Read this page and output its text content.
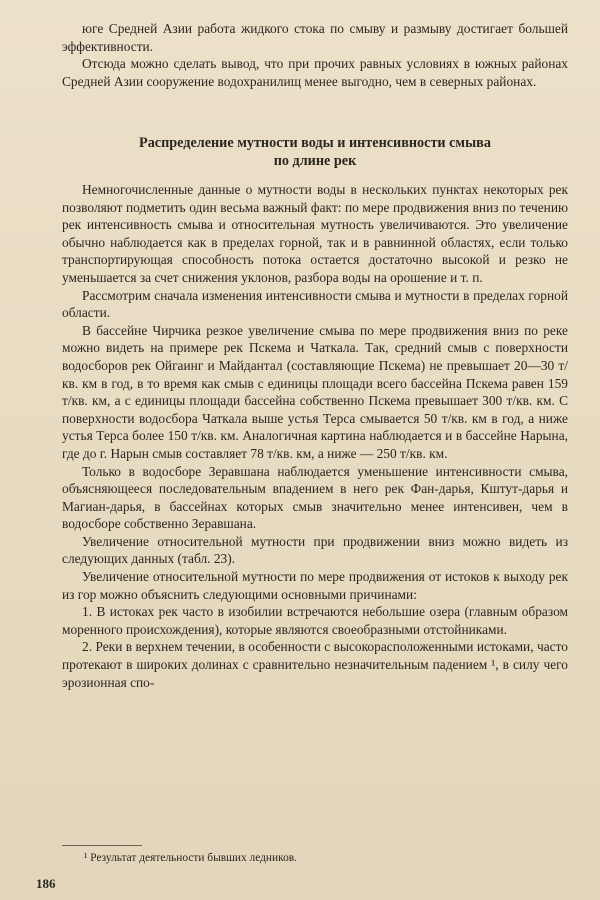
юге Средней Азии работа жидкого стока по смыву и размыву достигает большей эффективности.

Отсюда можно сделать вывод, что при прочих равных условиях в южных районах Средней Азии сооружение водохранилищ менее выгодно, чем в северных районах.

Распределение мутности воды и интенсивности смыва
по длине рек

Немногочисленные данные о мутности воды в нескольких пунктах некоторых рек позволяют подметить один весьма важный факт: по мере продвижения вниз по течению рек интенсивность смыва и относительная мутность увеличиваются. Это увеличение обычно наблюдается как в пределах горной, так и в равнинной областях, если только транспортирующая способность потока остается достаточно высокой и резко не уменьшается за счет снижения уклонов, разбора воды на орошение и т. п.

Рассмотрим сначала изменения интенсивности смыва и мутности в пределах горной области.

В бассейне Чирчика резкое увеличение смыва по мере продвижения вниз по реке можно видеть на примере рек Пскема и Чаткала. Так, средний смыв с поверхности водосборов рек Ойгаинг и Майдантал (составляющие Пскема) не превышает 20—30 т/кв. км в год, в то время как смыв с единицы площади всего бассейна Пскема равен 159 т/кв. км, а с единицы площади бассейна собственно Пскема превышает 300 т/кв. км. С поверхности водосбора Чаткала выше устья Терса смывается 50 т/кв. км в год, а ниже устья Терса более 150 т/кв. км. Аналогичная картина наблюдается и в бассейне Нарына, где до г. Нарын смыв составляет 78 т/кв. км, а ниже — 250 т/кв. км.

Только в водосборе Зеравшана наблюдается уменьшение интенсивности смыва, объясняющееся последовательным впадением в него рек Фан-дарья, Кштут-дарья и Магиан-дарья, в бассейнах которых смыв значительно менее интенсивен, чем в водосборе собственно Зеравшана.

Увеличение относительной мутности при продвижении вниз можно видеть из следующих данных (табл. 23).

Увеличение относительной мутности по мере продвижения от истоков к выходу рек из гор можно объяснить следующими основными причинами:

1. В истоках рек часто в изобилии встречаются небольшие озера (главным образом моренного происхождения), которые являются своеобразными отстойниками.

2. Реки в верхнем течении, в особенности с высокорасположенными истоками, часто протекают в широких долинах с сравнительно незначительным падением ¹, в силу чего эрозионная спо-

¹ Результат деятельности бывших ледников.
186
